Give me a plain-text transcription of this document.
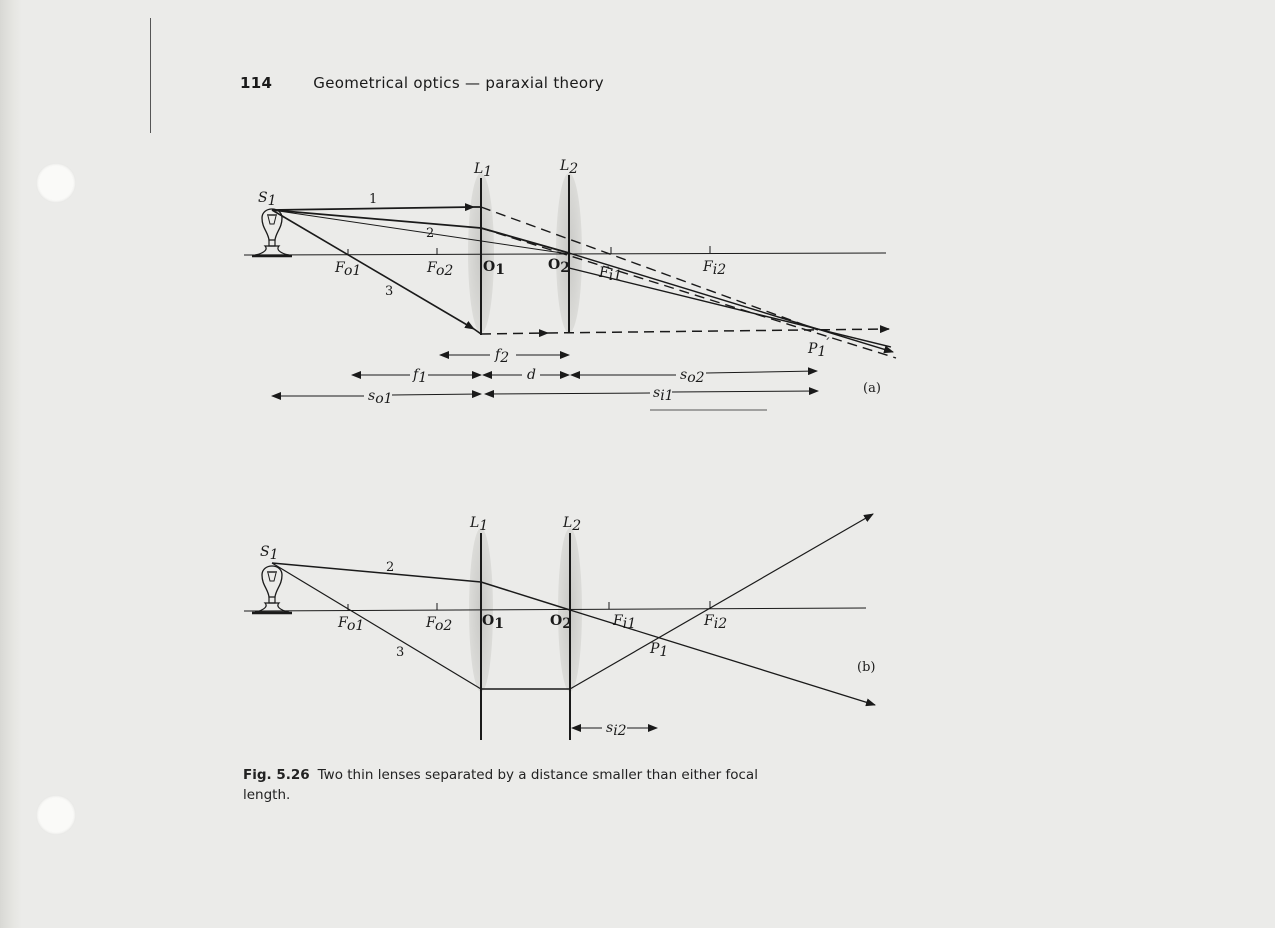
114	Geometrical optics — paraxial theory
L1	L2
S1	1
2
3
Fo1	Fo2 O1	O2 Fi1
Fi2
P1′
f2
f1	d	so2
so1	si1	(a)
L1	L2
S1
2
3
Fo1	Fo2 O1	O2	Fi1	Fi2
P1
si2
(b)
Fig. 5.26 Two thin lenses separated by a distance smaller than either focal length.
